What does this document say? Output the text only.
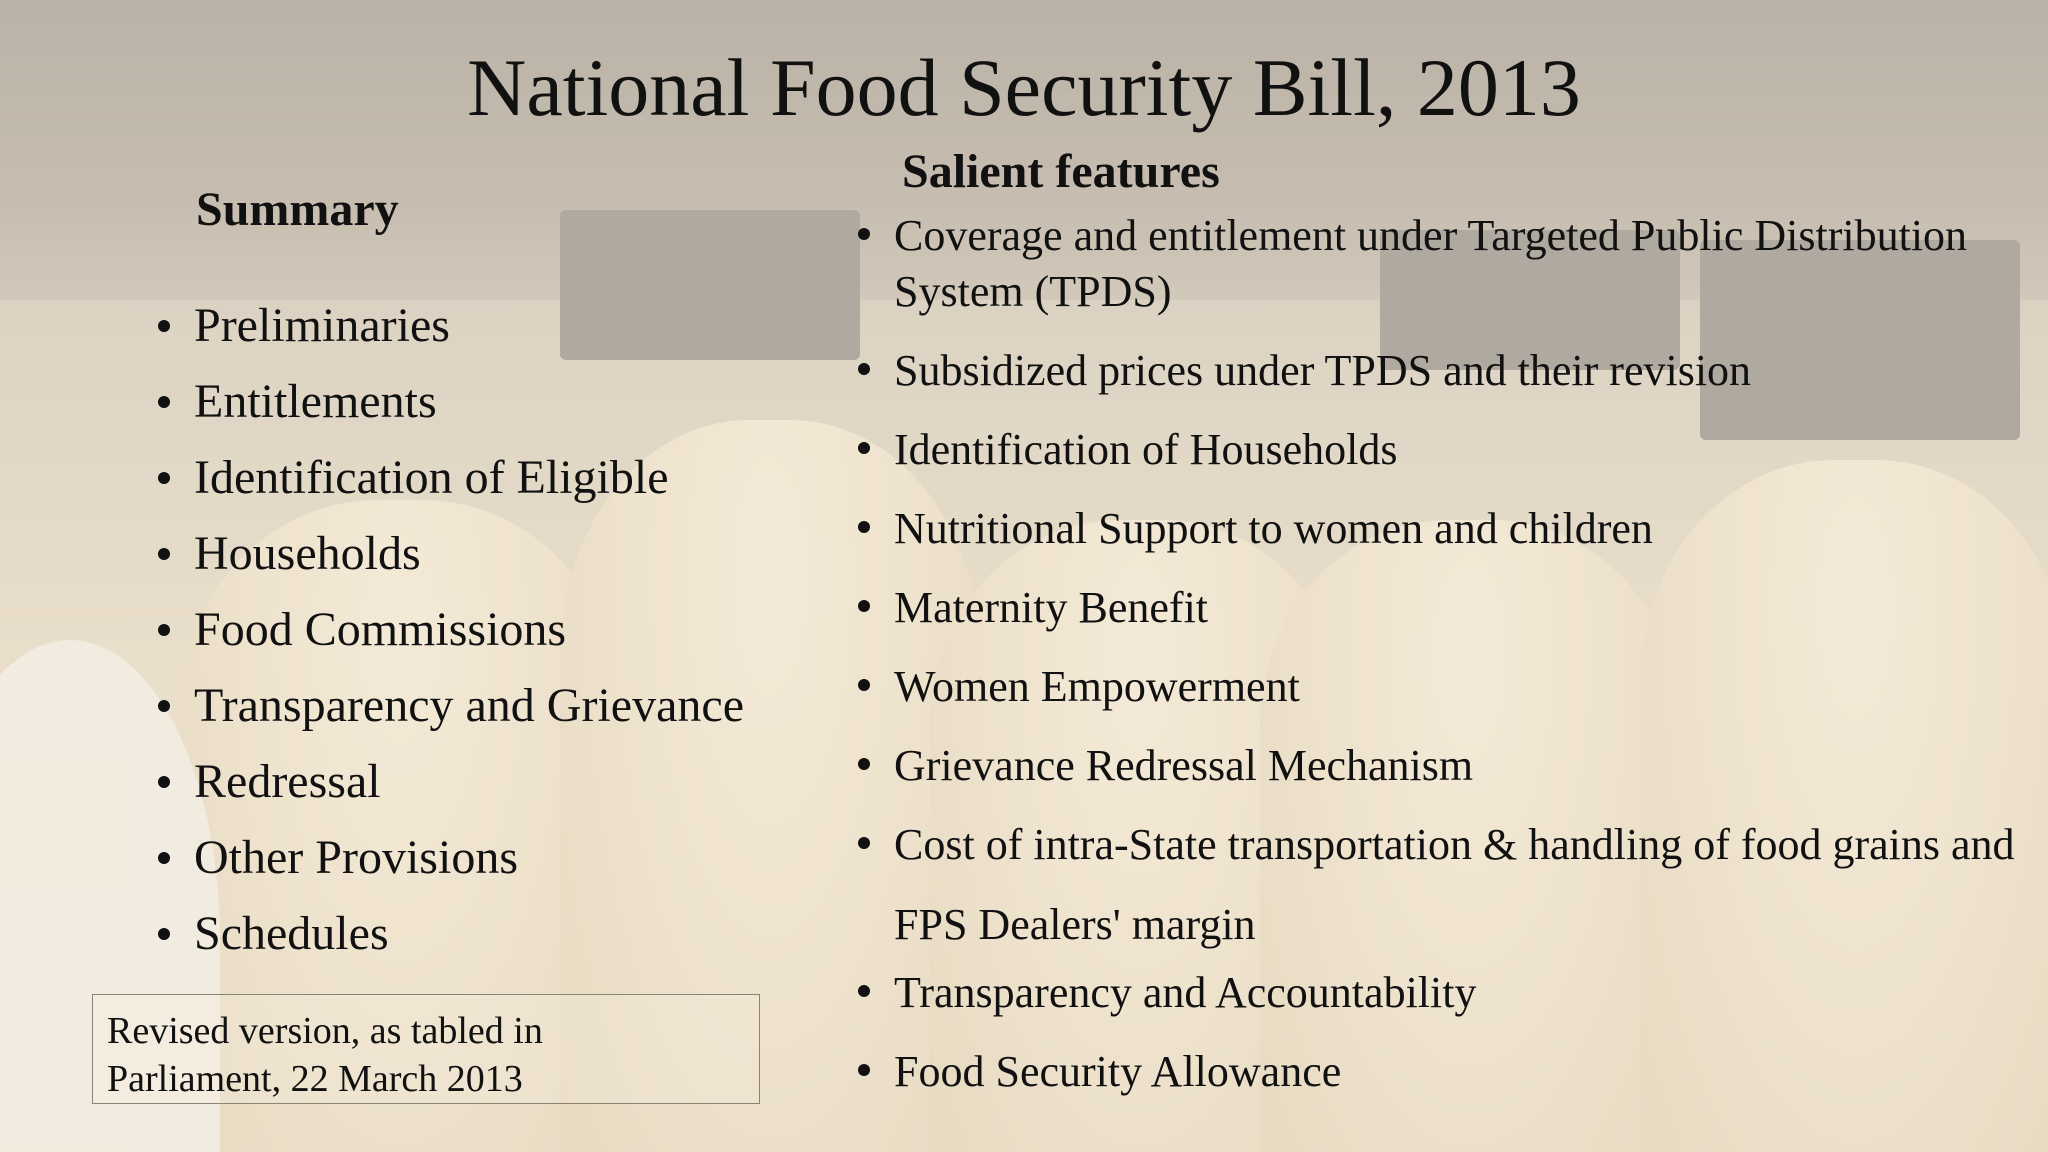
National Food Security Bill, 2013
Summary
Preliminaries
Entitlements
Identification of Eligible
Households
Food Commissions
Transparency and Grievance
Redressal
Other Provisions
Schedules
Salient features
Coverage and entitlement under Targeted Public Distribution System (TPDS)
Subsidized prices under TPDS and their revision
Identification of Households
Nutritional Support to women and children
Maternity Benefit
Women Empowerment
Grievance Redressal Mechanism
Cost of intra-State transportation & handling of food grains and FPS Dealers' margin
Transparency and Accountability
Food Security Allowance
Revised version, as tabled in
Parliament, 22 March 2013
